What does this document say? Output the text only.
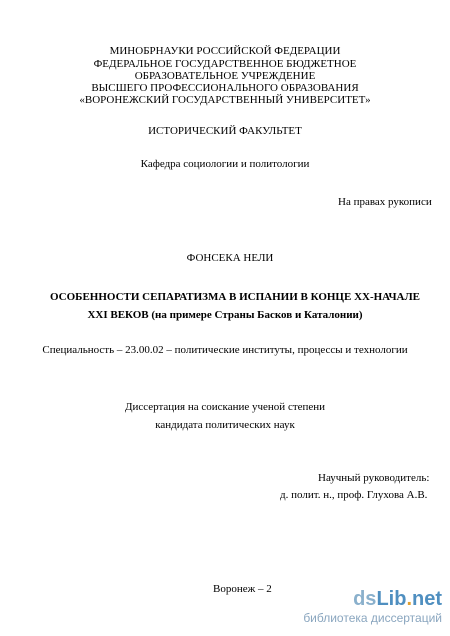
МИНОБРНАУКИ РОССИЙСКОЙ ФЕДЕРАЦИИ
ФЕДЕРАЛЬНОЕ ГОСУДАРСТВЕННОЕ БЮДЖЕТНОЕ
ОБРАЗОВАТЕЛЬНОЕ УЧРЕЖДЕНИЕ
ВЫСШЕГО ПРОФЕССИОНАЛЬНОГО ОБРАЗОВАНИЯ
«ВОРОНЕЖСКИЙ ГОСУДАРСТВЕННЫЙ УНИВЕРСИТЕТ»
ИСТОРИЧЕСКИЙ ФАКУЛЬТЕТ
Кафедра социологии и политологии
На правах рукописи
ФОНСЕКА НЕЛИ
ОСОБЕННОСТИ СЕПАРАТИЗМА В ИСПАНИИ В КОНЦЕ ХХ-НАЧАЛЕ
XXI ВЕКОВ (на примере Страны Басков и Каталонии)
Специальность – 23.00.02 – политические институты, процессы и технологии
Диссертация на соискание ученой степени
кандидата политических наук
Научный руководитель:
д. полит. н., проф. Глухова А.В.
Воронеж – 2	dsLib.net
библиотека диссертаций
